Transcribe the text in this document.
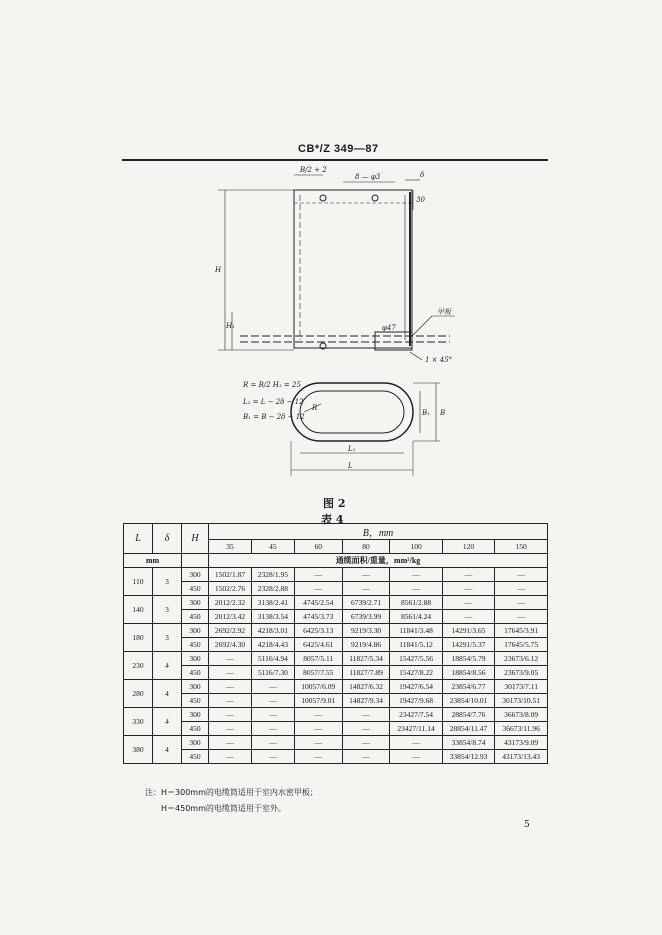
CB*/Z 349—87
B/2 + 2
8 — φ3	δ
30
H
H₁
甲板
1 × 45°
φ47
R
B
B₁
L₁
L
R = B/2 H₁ = 25
L₁ = L − 2δ − 12
B₁ = B − 2δ − 12
图 2
表 4
L	δ	H	B，mm						
			35	45	60	80	100	120	150
mm			通缆面积/重量，mm²/kg						
110	3	300	1502/1.87	2328/1.95	—	—	—	—	—
		450	1502/2.76	2328/2.88	—	—	—	—	—
140	3	300	2012/2.32	3138/2.41	4745/2.54	6739/2.71	8561/2.88	—	—
		450	2012/3.42	3138/3.54	4745/3.73	6739/3.99	8561/4.24	—	—
180	3	300	2692/2.92	4218/3.01	6425/3.13	9219/3.30	11841/3.48	14291/3.65	17645/3.91
		450	2692/4.30	4218/4.43	6425/4.61	9219/4.86	11841/5.12	14291/5.37	17645/5.75
230	4	300	—	5116/4.94	8057/5.11	11827/5.34	15427/5.56	18854/5.79	23673/6.12
		450	—	5116/7.30	8057/7.55	11827/7.89	15427/8.22	18854/8.56	23673/9.05
280	4	300	—	—	10057/6.09	14827/6.32	19427/6.54	23854/6.77	30173/7.11
		450	—	—	10057/9.01	14827/9.34	19427/9.68	23854/10.01	30173/10.51
330	4	300	—	—	—	—	23427/7.54	28854/7.76	36673/8.09
		450	—	—	—	—	23427/11.14	28854/11.47	36673/11.96
380	4	300	—	—	—	—	—	33854/8.74	43173/9.09
		450	—	—	—	—	—	33854/12.93	43173/13.43
注：H＝300mm的电缆筒适用于室内水密甲板；
H＝450mm的电缆筒适用于室外。
5
